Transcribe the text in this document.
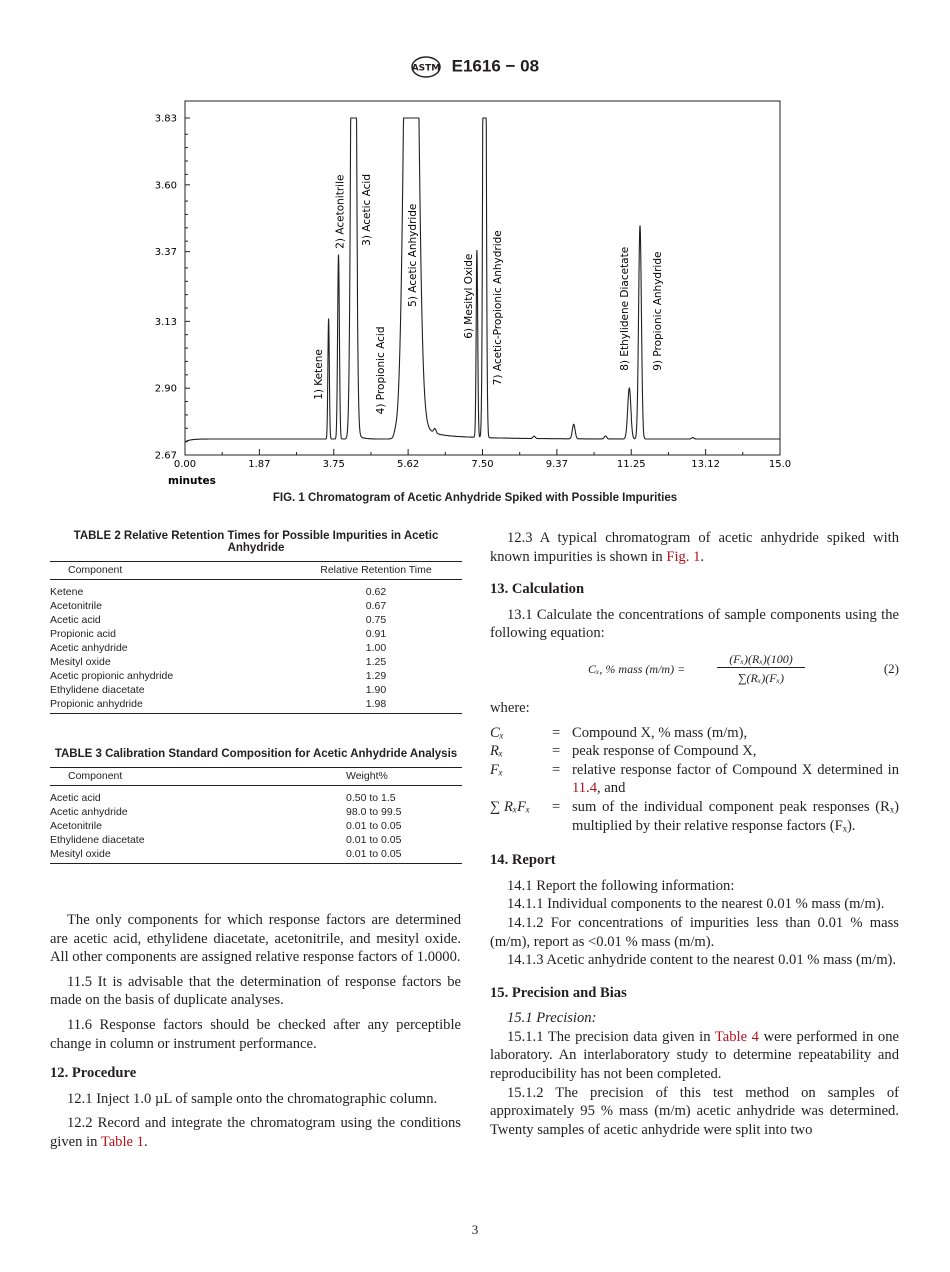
ASTM E1616 − 08
3.83
3.60
3.37
3.13
2.90
2.67
0.00	1.87	3.75	5.62	7.50	9.37	11.25	13.12	15.0
1) Ketene
2) Acetonitrile 3) Acetic Acid
4) Propionic Acid
5) Acetic Anhydride	6) Mesityl Oxide 7) Acetic-Propionic Anhydride	8) Ethylidene Diacetate 9) Propionic Anhydride
minutes
FIG. 1 Chromatogram of Acetic Anhydride Spiked with Possible Impurities
TABLE 2 Relative Retention Times for Possible Impurities in Acetic Anhydride
Component	Relative Retention Time
Ketene	0.62
Acetonitrile	0.67
Acetic acid	0.75
Propionic acid	0.91
Acetic anhydride	1.00
Mesityl oxide	1.25
Acetic propionic anhydride	1.29
Ethylidene diacetate	1.90
Propionic anhydride	1.98
TABLE 3 Calibration Standard Composition for Acetic Anhydride Analysis
Component	Weight%
Acetic acid	0.50 to 1.5
Acetic anhydride	98.0 to 99.5
Acetonitrile	0.01 to 0.05
Ethylidene diacetate	0.01 to 0.05
Mesityl oxide	0.01 to 0.05

The only components for which response factors are determined are acetic acid, ethylidene diacetate, acetonitrile, and mesityl oxide. All other components are assigned relative response factors of 1.0000.

11.5 It is advisable that the determination of response factors be made on the basis of duplicate analyses.

11.6 Response factors should be checked after any perceptible change in column or instrument performance.

12. Procedure

12.1 Inject 1.0 µL of sample onto the chromatographic column.

12.2 Record and integrate the chromatogram using the conditions given in Table 1.

12.3 A typical chromatogram of acetic anhydride spiked with known impurities is shown in Fig. 1.

13. Calculation

13.1 Calculate the concentrations of sample components using the following equation:

Cₓ, % mass (m/m) =
(Fₓ)(Rₓ)(100)
∑(Rₓ)(Fₓ)
(2)

where:

Cₓ	= Compound X, % mass (m/m),
Rₓ	= peak response of Compound X,
Fₓ	= relative response factor of Compound X determined in 11.4, and
∑ RₓFₓ	= sum of the individual component peak responses (Rₓ) multiplied by their relative response factors (Fₓ).
14. Report

14.1 Report the following information:

14.1.1 Individual components to the nearest 0.01 % mass (m/m).

14.1.2 For concentrations of impurities less than 0.01 % mass (m/m), report as <0.01 % mass (m/m).

14.1.3 Acetic anhydride content to the nearest 0.01 % mass (m/m).

15. Precision and Bias

15.1 Precision:

15.1.1 The precision data given in Table 4 were performed in one laboratory. An interlaboratory study to determine repeatability and reproducibility has not been completed.

15.1.2 The precision of this test method on samples of approximately 95 % mass (m/m) acetic anhydride was determined. Twenty samples of acetic anhydride were split into two

3
